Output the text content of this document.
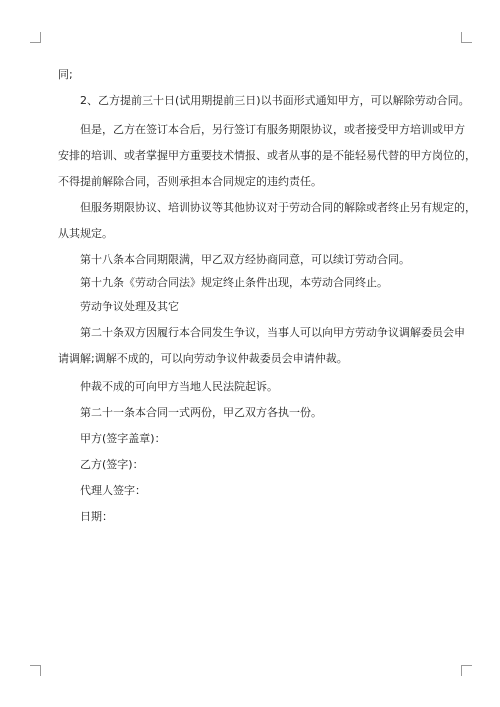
同;
2、乙方提前三十日(试用期提前三日)以书面形式通知甲方，可以解除劳动合同。
但是，乙方在签订本合后，另行签订有服务期限协议，或者接受甲方培训或甲方
安排的培训、或者掌握甲方重要技术情报、或者从事的是不能轻易代替的甲方岗位的，
不得提前解除合同，否则承担本合同规定的违约责任。
但服务期限协议、培训协议等其他协议对于劳动合同的解除或者终止另有规定的，
从其规定。
第十八条本合同期限满，甲乙双方经协商同意，可以续订劳动合同。
第十九条《劳动合同法》规定终止条件出现，本劳动合同终止。
劳动争议处理及其它
第二十条双方因履行本合同发生争议，当事人可以向甲方劳动争议调解委员会申
请调解;调解不成的，可以向劳动争议仲裁委员会申请仲裁。
仲裁不成的可向甲方当地人民法院起诉。
第二十一条本合同一式两份，甲乙双方各执一份。
甲方(签字盖章)：
乙方(签字)：
代理人签字：
日期：
